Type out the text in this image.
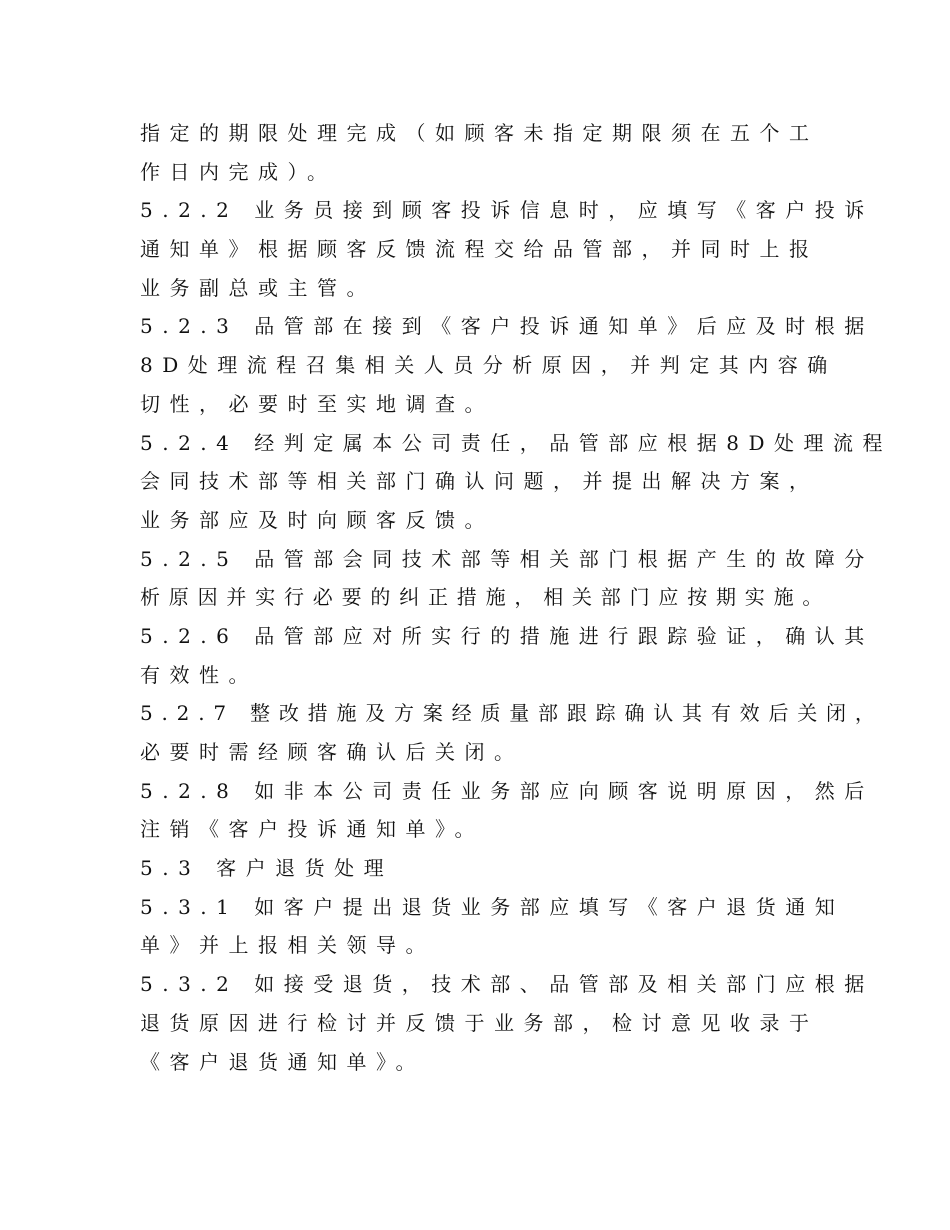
指定的期限处理完成（如顾客未指定期限须在五个工
作日内完成）。
5.2.2 业务员接到顾客投诉信息时，应填写《客户投诉
通知单》根据顾客反馈流程交给品管部，并同时上报
业务副总或主管。
5.2.3 品管部在接到《客户投诉通知单》后应及时根据
8D处理流程召集相关人员分析原因，并判定其内容确
切性，必要时至实地调查。
5.2.4 经判定属本公司责任，品管部应根据8D处理流程
会同技术部等相关部门确认问题，并提出解决方案，
业务部应及时向顾客反馈。
5.2.5 品管部会同技术部等相关部门根据产生的故障分
析原因并实行必要的纠正措施，相关部门应按期实施。
5.2.6 品管部应对所实行的措施进行跟踪验证，确认其
有效性。
5.2.7 整改措施及方案经质量部跟踪确认其有效后关闭，
必要时需经顾客确认后关闭。
5.2.8 如非本公司责任业务部应向顾客说明原因，然后
注销《客户投诉通知单》。
5.3 客户退货处理
5.3.1 如客户提出退货业务部应填写《客户退货通知
单》并上报相关领导。
5.3.2 如接受退货，技术部、品管部及相关部门应根据
退货原因进行检讨并反馈于业务部，检讨意见收录于
《客户退货通知单》。
